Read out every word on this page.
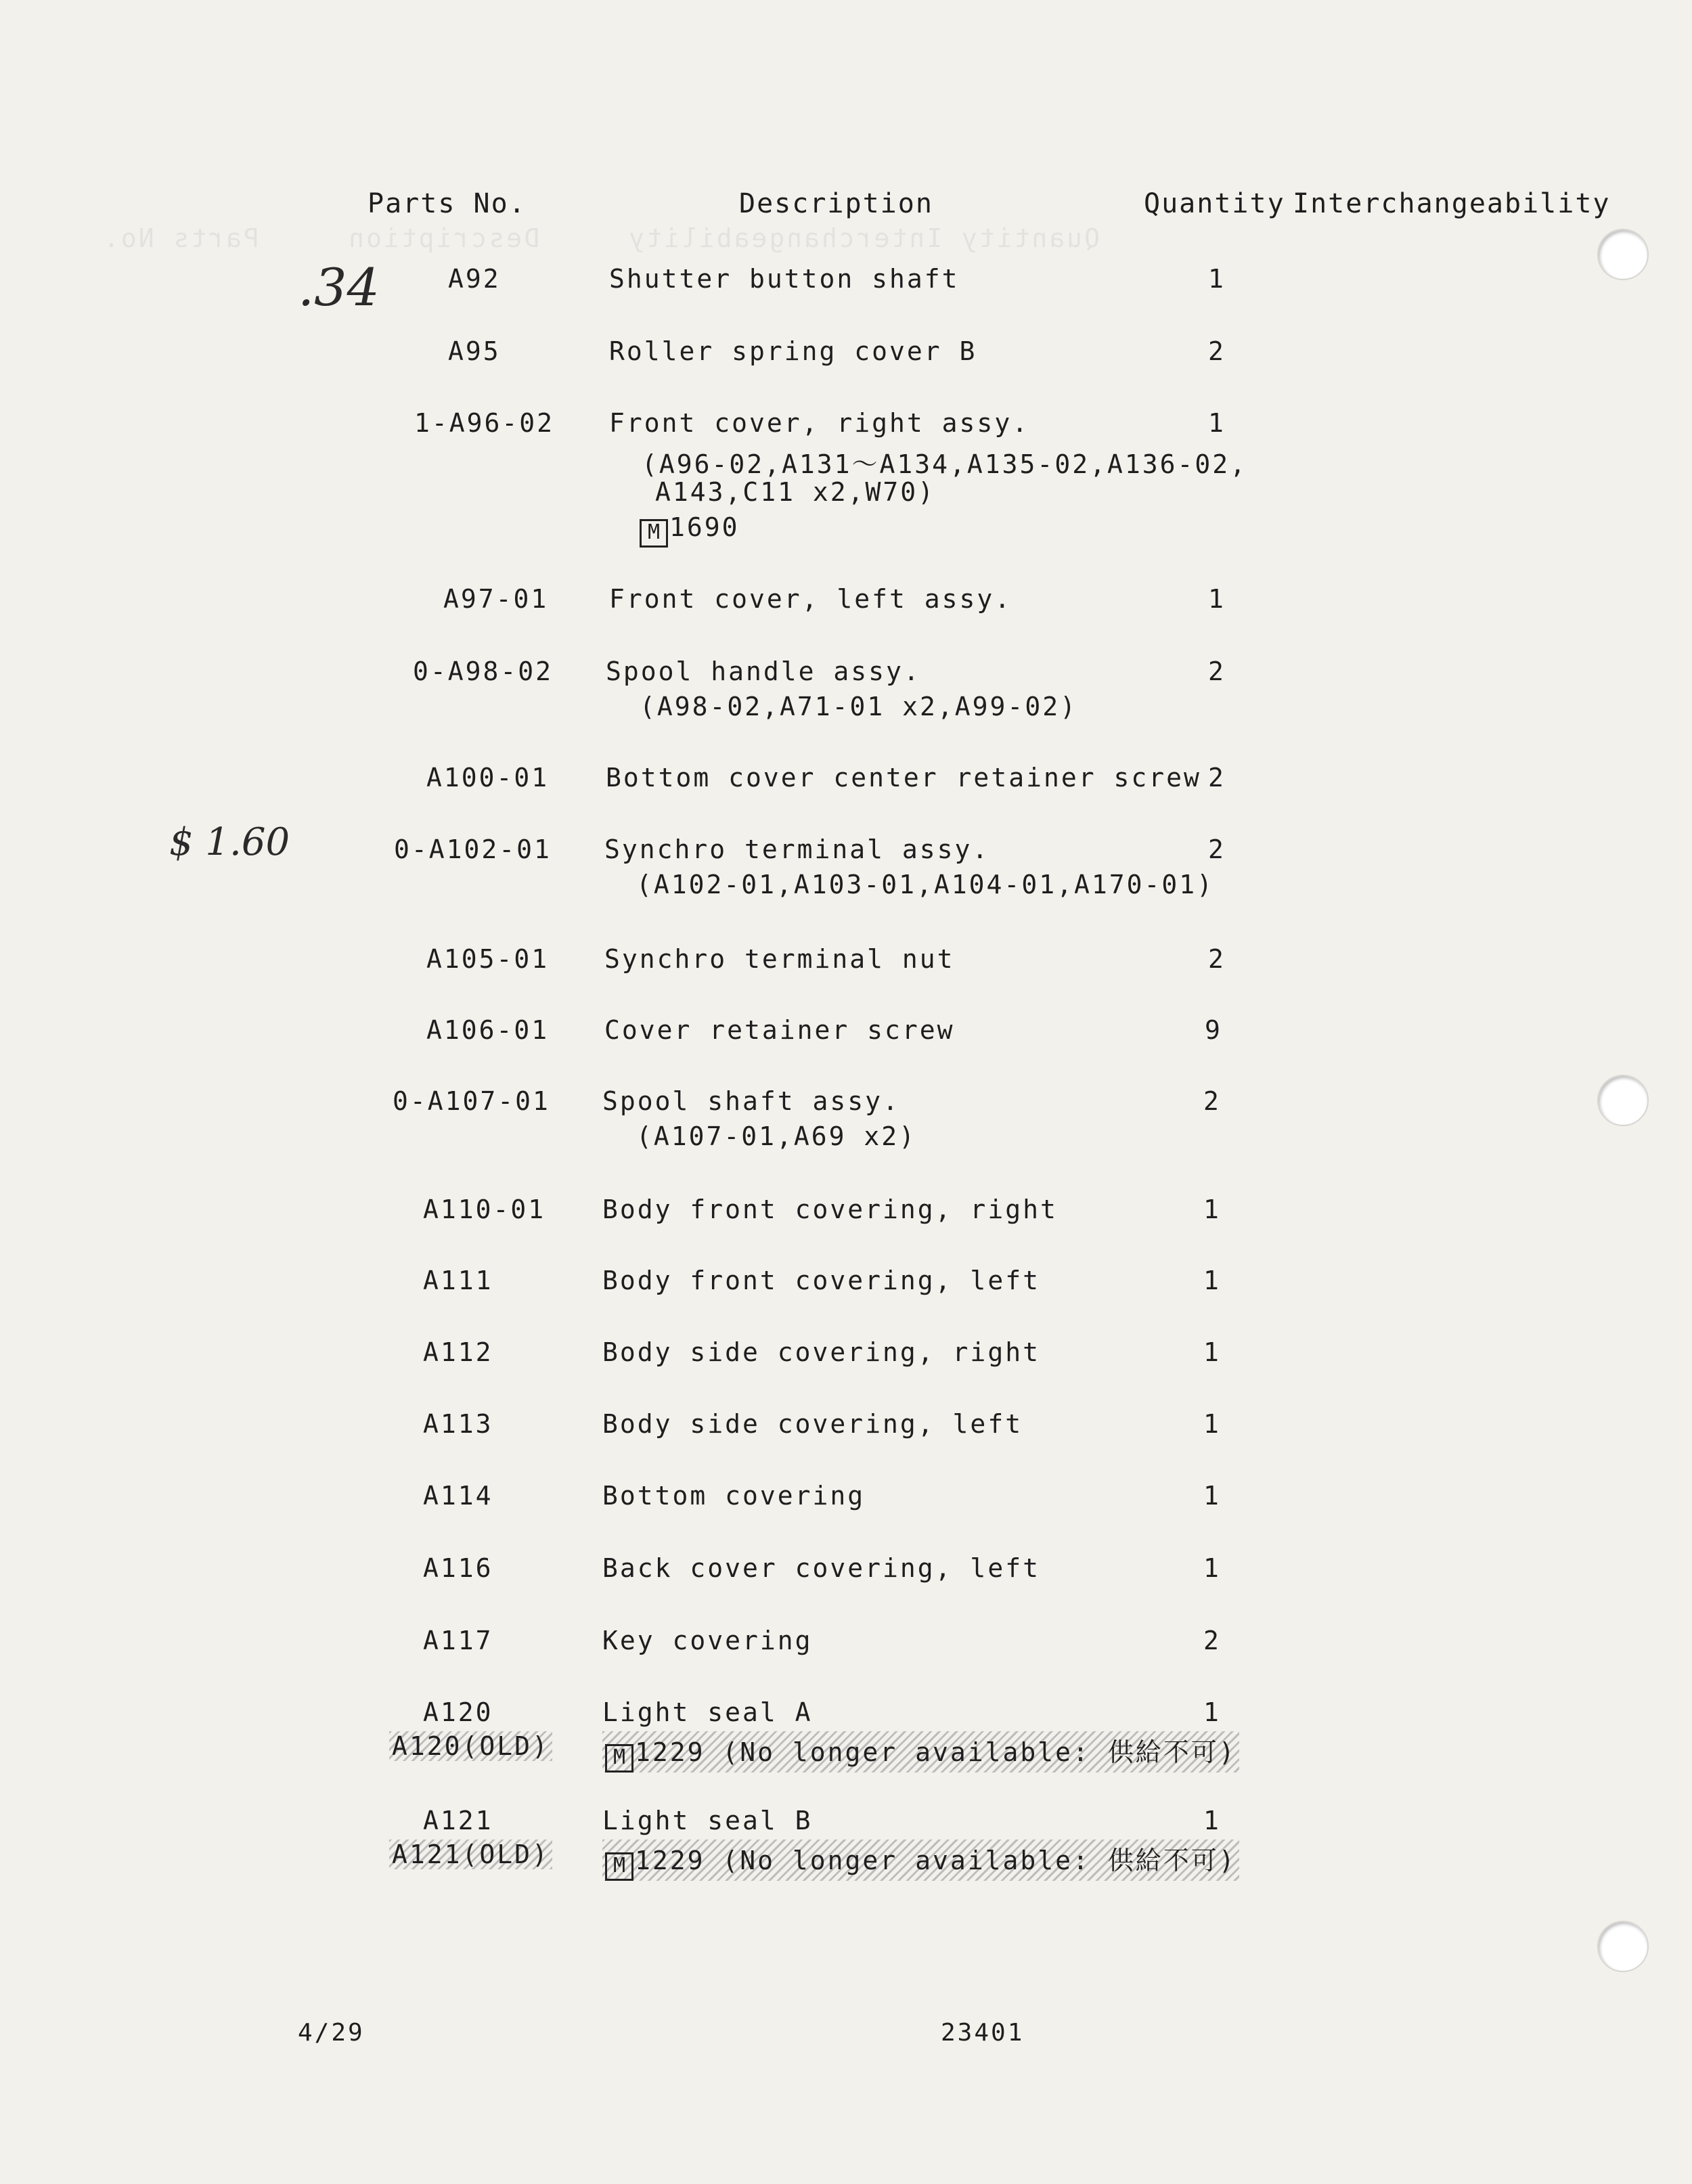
Quantity Interchangeability     Description     Parts No.
Parts No.	Description	Quantity Interchangeability
.34
$ 1.60
A92	Shutter button shaft	1
A95	Roller spring cover B	2
1-A96-02 Front cover, right assy.	1
(A96-02,A131～A134,A135-02,A136-02,
A143,C11 x2,W70)
M 1690
A97-01 Front cover, left assy.	1
0-A98-02 Spool handle assy.	2
(A98-02,A71-01 x2,A99-02)
A100-01 Bottom cover center retainer screw 2
0-A102-01 Synchro terminal assy.	2
(A102-01,A103-01,A104-01,A170-01)
A105-01 Synchro terminal nut	2
A106-01 Cover retainer screw	9
0-A107-01 Spool shaft assy.	2
(A107-01,A69 x2)
A110-01 Body front covering, right	1
A111	Body front covering, left	1
A112	Body side covering, right	1
A113	Body side covering, left	1
A114	Bottom covering	1
A116	Back cover covering, left	1
A117	Key covering	2
A120	Light seal A	1
A120(OLD)	M 1229 (No longer available: 供給不可)
A121	Light seal B	1
A121(OLD)	M 1229 (No longer available: 供給不可)
4/29	23401
